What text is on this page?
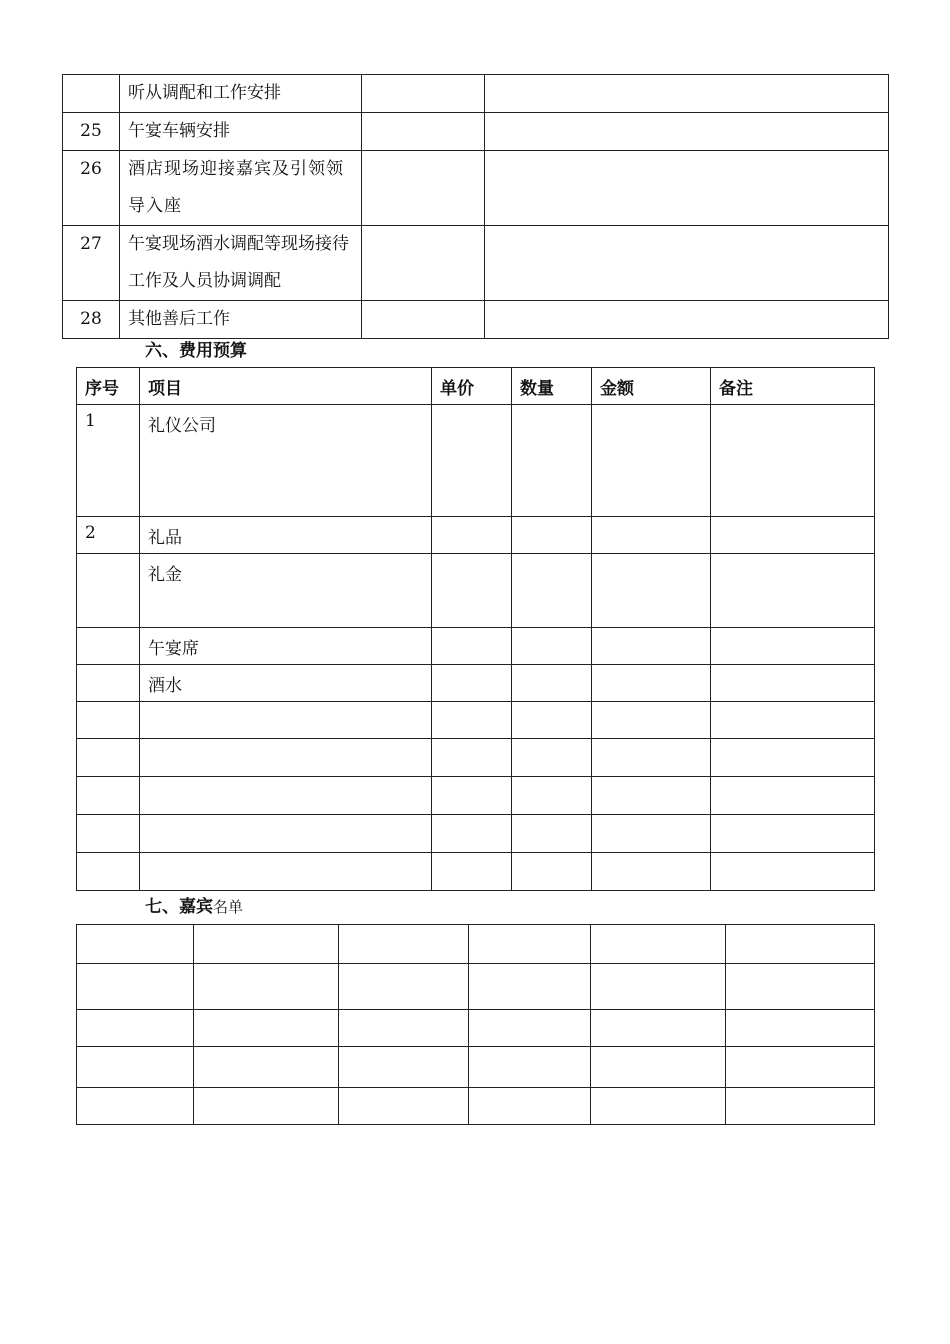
	听从调配和工作安排		
25	午宴车辆安排		
26	酒店现场迎接嘉宾及引领领导入座		
27	午宴现场酒水调配等现场接待工作及人员协调调配		
28	其他善后工作		
六、费用预算
序号	项目	单价	数量	金额	备注
1	礼仪公司				
2	礼品				
	礼金				
	午宴席				
	酒水				

七、嘉宾名单
